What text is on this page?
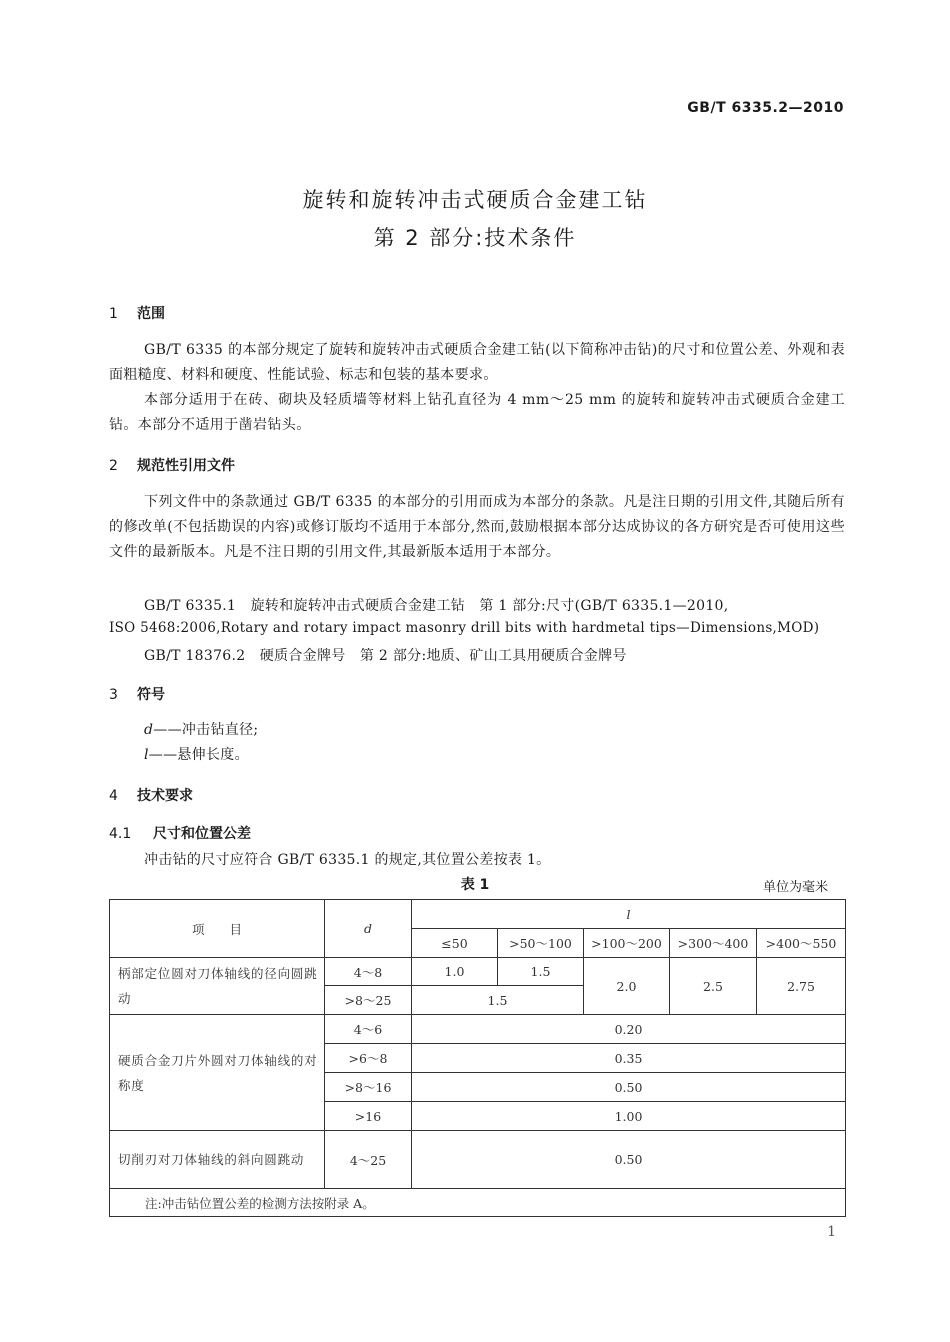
GB/T 6335.2—2010
旋转和旋转冲击式硬质合金建工钻
第 2 部分:技术条件
1 范围
GB/T 6335 的本部分规定了旋转和旋转冲击式硬质合金建工钻(以下简称冲击钻)的尺寸和位置公差、外观和表面粗糙度、材料和硬度、性能试验、标志和包装的基本要求。
本部分适用于在砖、砌块及轻质墙等材料上钻孔直径为 4 mm～25 mm 的旋转和旋转冲击式硬质合金建工钻。本部分不适用于凿岩钻头。
2 规范性引用文件
下列文件中的条款通过 GB/T 6335 的本部分的引用而成为本部分的条款。凡是注日期的引用文件,其随后所有的修改单(不包括勘误的内容)或修订版均不适用于本部分,然而,鼓励根据本部分达成协议的各方研究是否可使用这些文件的最新版本。凡是不注日期的引用文件,其最新版本适用于本部分。
GB/T 6335.1　旋转和旋转冲击式硬质合金建工钻　第 1 部分:尺寸(GB/T 6335.1—2010,
ISO 5468:2006,Rotary and rotary impact masonry drill bits with hardmetal tips—Dimensions,MOD)
GB/T 18376.2　硬质合金牌号　第 2 部分:地质、矿山工具用硬质合金牌号
3 符号
d——冲击钻直径;
l——悬伸长度。
4 技术要求
4.1 尺寸和位置公差
冲击钻的尺寸应符合 GB/T 6335.1 的规定,其位置公差按表 1。
表 1	单位为毫米
项　　目	d	l				
		≤50	>50～100	>100～200	>300～400	>400～550
柄部定位圆对刀体轴线的径向圆跳动	4～8	1.0	1.5	2.0	2.5	2.75
	>8～25	1.5				
硬质合金刀片外圆对刀体轴线的对称度	4～6	0.20				
	>6～8	0.35				
	>8～16	0.50				
	>16	1.00				
切削刃对刀体轴线的斜向圆跳动	4～25	0.50				
注:冲击钻位置公差的检测方法按附录 A。						
1
